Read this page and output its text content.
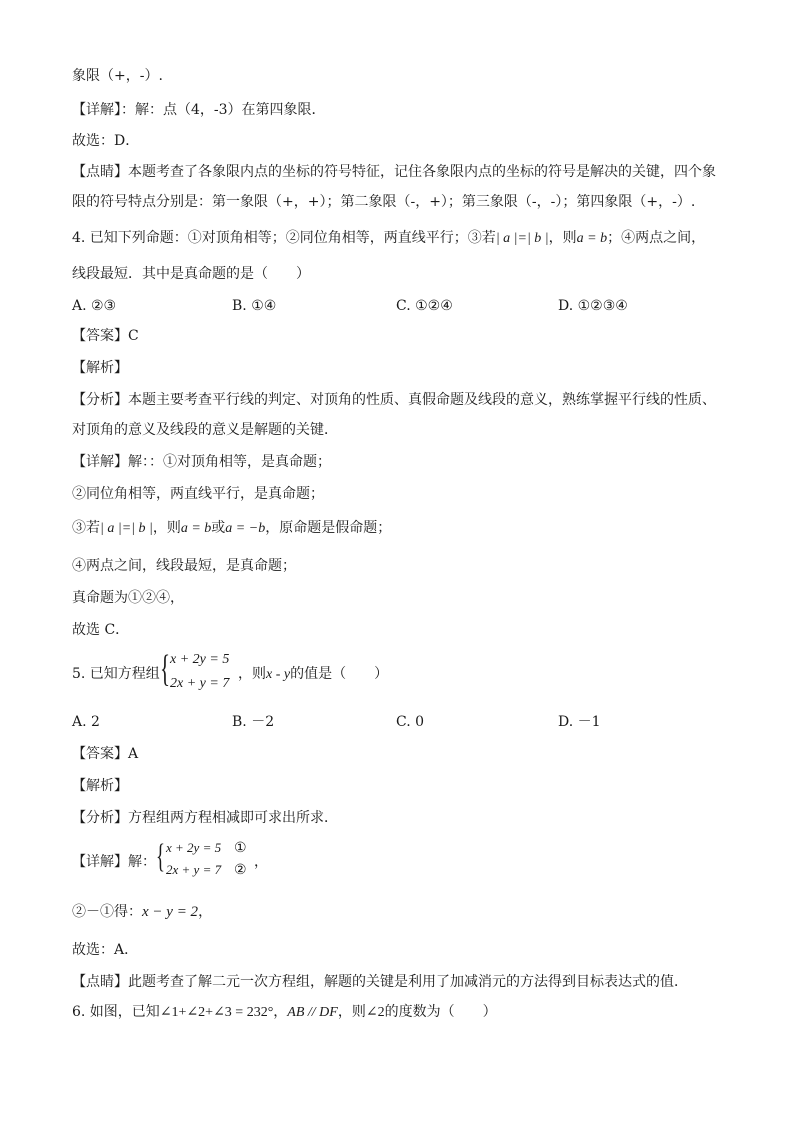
象限（+，-）.
【详解】：解：点（4，-3）在第四象限．
故选：D．
【点睛】本题考查了各象限内点的坐标的符号特征，记住各象限内点的坐标的符号是解决的关键，四个象
限的符号特点分别是：第一象限（+，+）；第二象限（-，+）；第三象限（-，-）；第四象限（+，-）.
4. 已知下列命题：①对顶角相等；②同位角相等，两直线平行；③若| a |=| b |，则a = b；④两点之间，
线段最短．其中是真命题的是（　　）
A. ②③	B. ①④	C. ①②④	D. ①②③④
【答案】C
【解析】
【分析】本题主要考查平行线的判定、对顶角的性质、真假命题及线段的意义，熟练掌握平行线的性质、
对顶角的意义及线段的意义是解题的关键．
【详解】解：：①对顶角相等，是真命题；
②同位角相等，两直线平行，是真命题；
③若| a |=| b |，则a = b或a = −b，原命题是假命题；
④两点之间，线段最短，是真命题；
真命题为①②④，
故选 C．
5. 已知方程组 { x + 2y = 5
2x + y = 7
，则x - y的值是（　　）
A. 2	B. －2	C. 0	D. －1
【答案】A
【解析】
【分析】方程组两方程相减即可求出所求．
【详解】解： { x + 2y = 5
2x + y = 7
①
② ，
②－①得：x − y = 2，
故选：A．
【点睛】此题考查了解二元一次方程组，解题的关键是利用了加减消元的方法得到目标表达式的值．
6. 如图，已知∠1+∠2+∠3 = 232°，AB // DF，则∠2的度数为（　　）
